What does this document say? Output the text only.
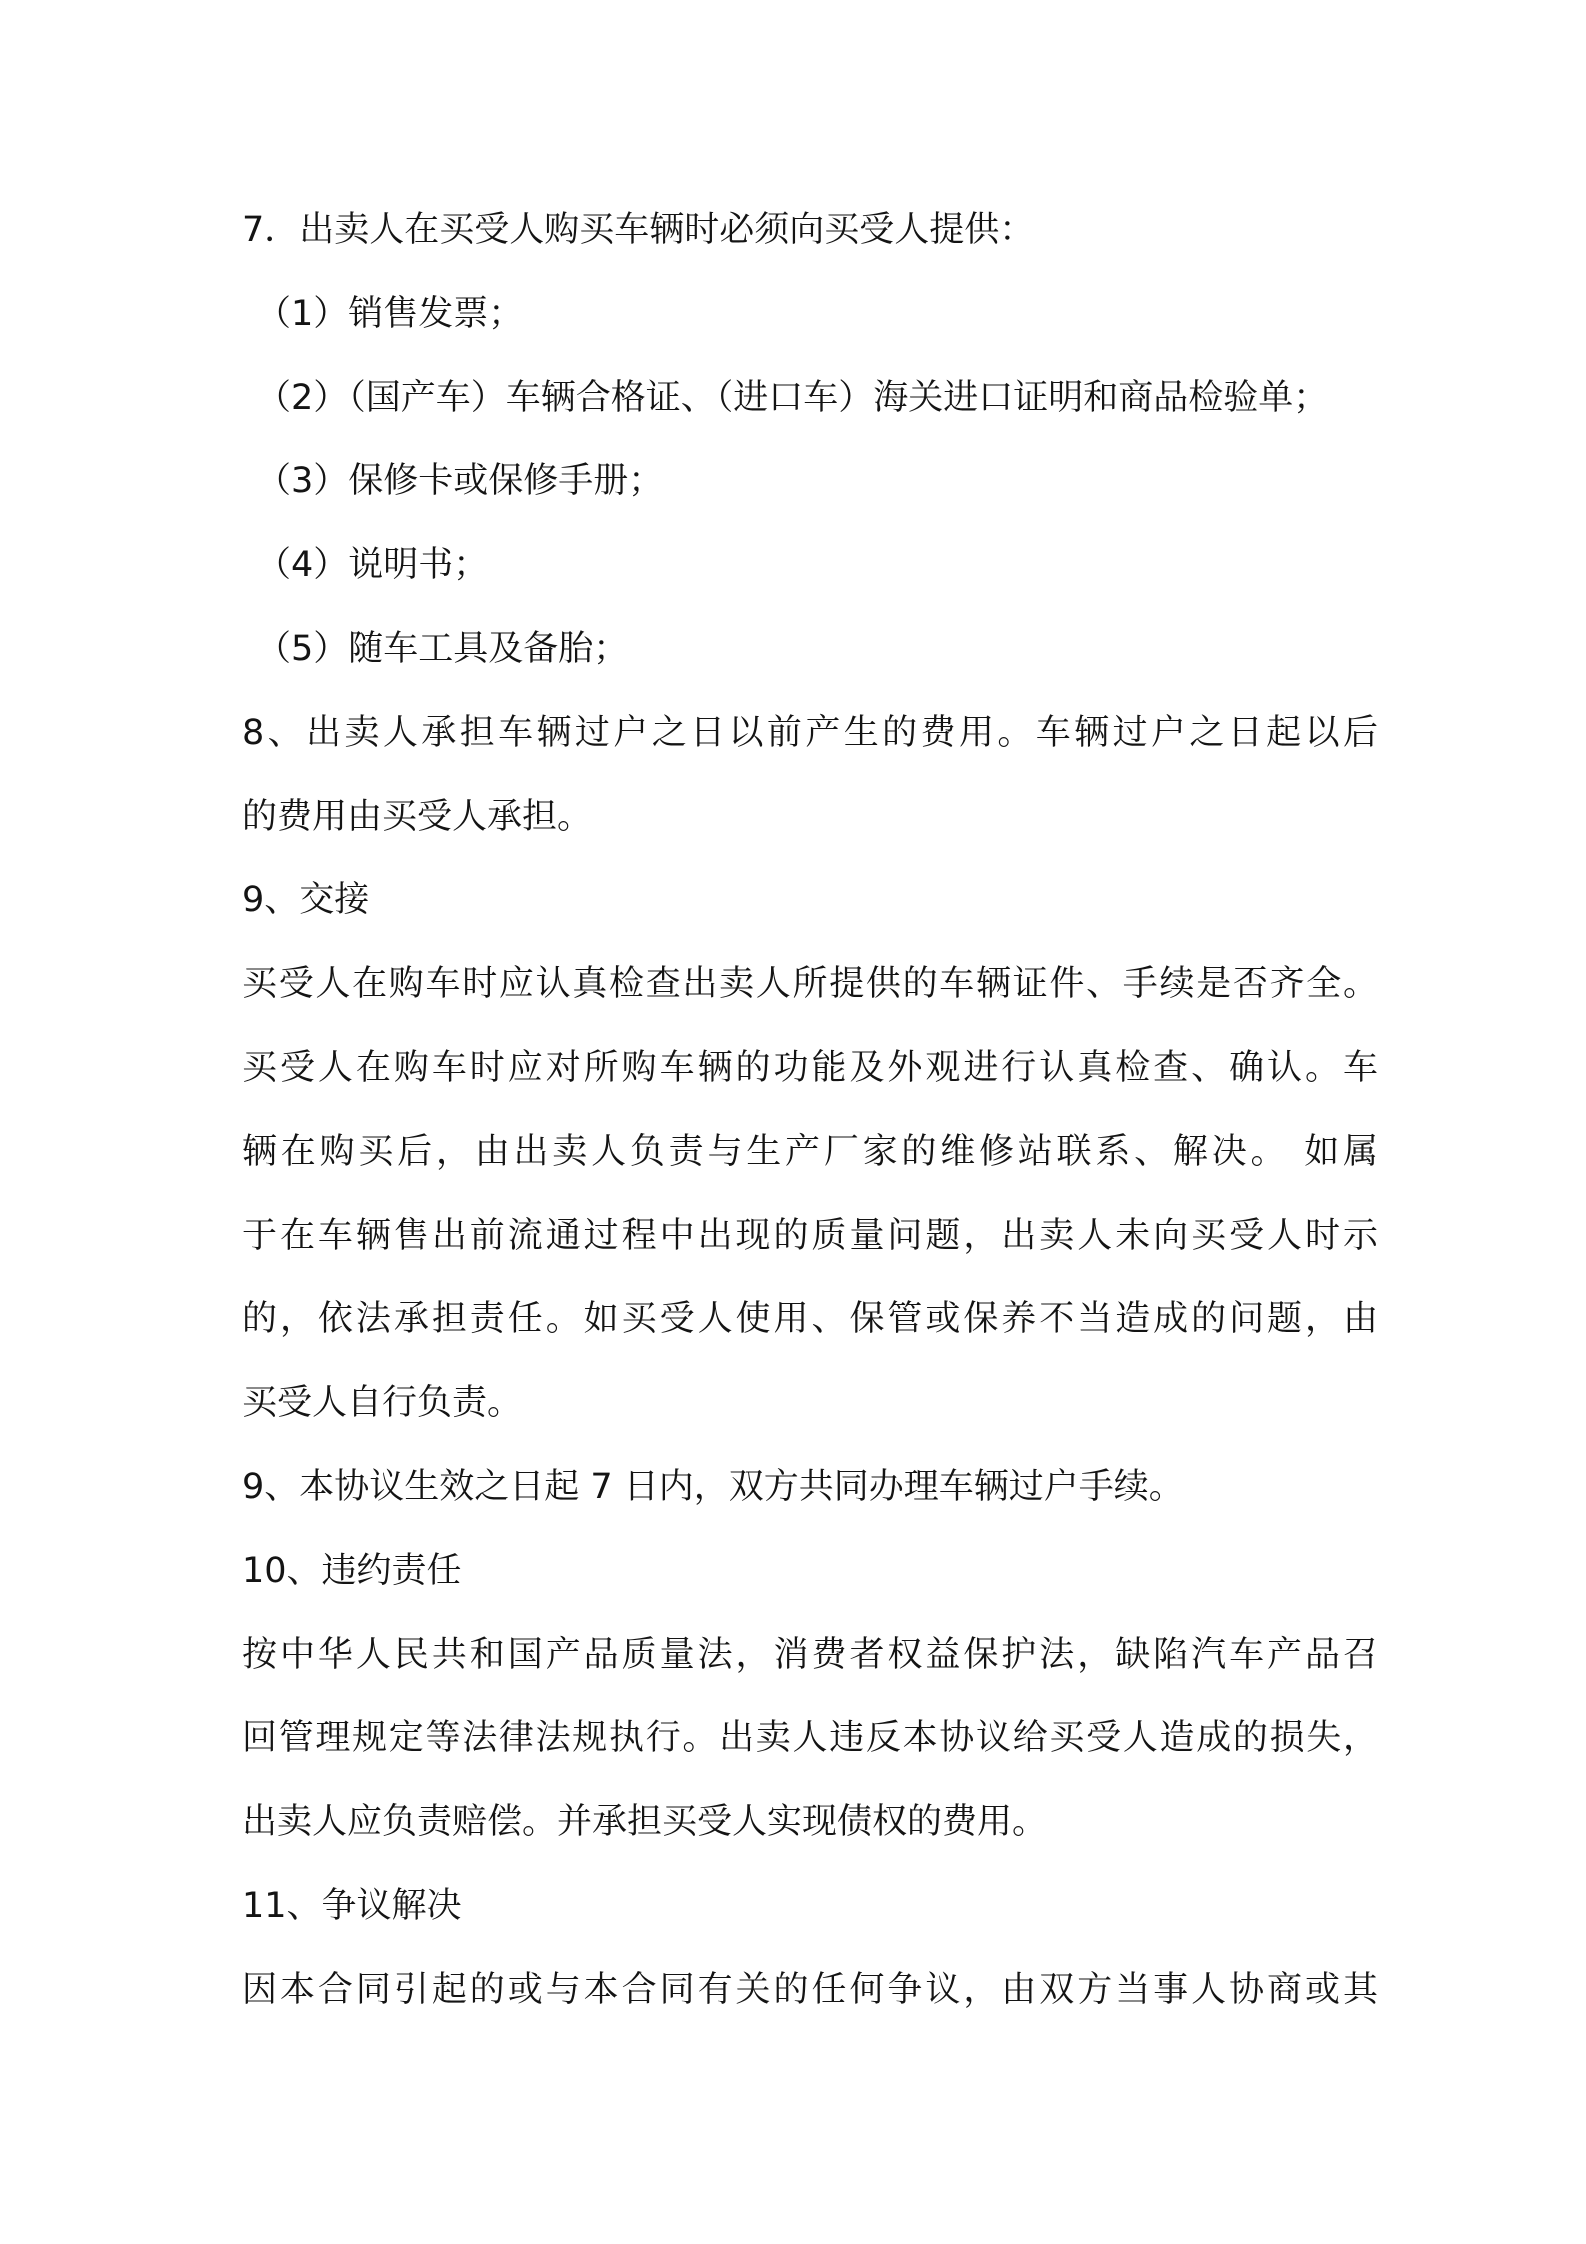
7．出卖人在买受人购买车辆时必须向买受人提供：
（1）销售发票；
（2）（国产车）车辆合格证、（进口车）海关进口证明和商品检验单；
（3）保修卡或保修手册；
（4）说明书；
（5）随车工具及备胎；
8、出卖人承担车辆过户之日以前产生的费用。车辆过户之日起以后
的费用由买受人承担。
9、交接
买受人在购车时应认真检查出卖人所提供的车辆证件、手续是否齐全。
买受人在购车时应对所购车辆的功能及外观进行认真检查、确认。车
辆在购买后，由出卖人负责与生产厂家的维修站联系、解决。 如属
于在车辆售出前流通过程中出现的质量问题，出卖人未向买受人时示
的，依法承担责任。如买受人使用、保管或保养不当造成的问题，由
买受人自行负责。
9、本协议生效之日起 7 日内，双方共同办理车辆过户手续。
10、违约责任
按中华人民共和国产品质量法，消费者权益保护法，缺陷汽车产品召
回管理规定等法律法规执行。出卖人违反本协议给买受人造成的损失，
出卖人应负责赔偿。并承担买受人实现债权的费用。
11、争议解决
因本合同引起的或与本合同有关的任何争议，由双方当事人协商或其
